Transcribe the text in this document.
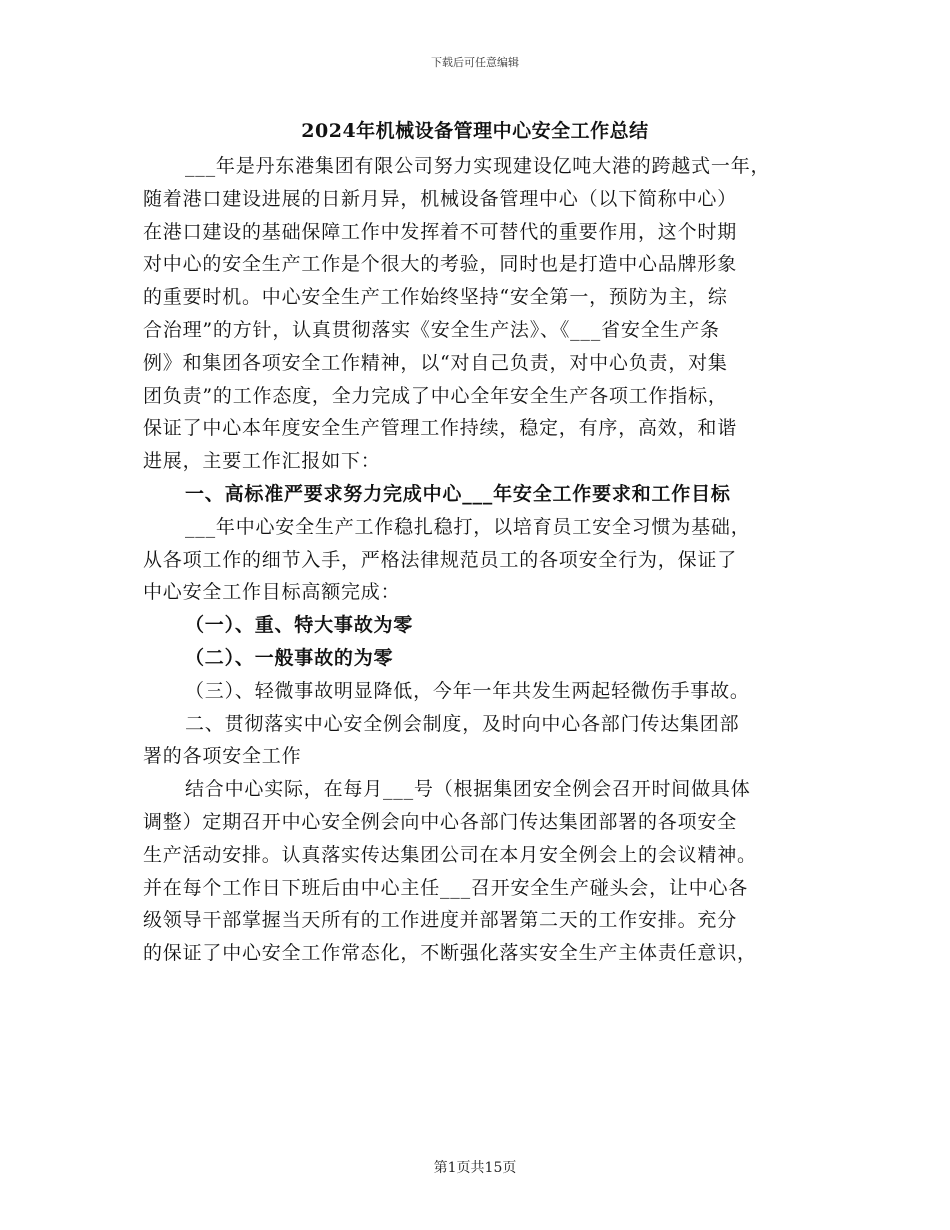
下载后可任意编辑
2024年机械设备管理中心安全工作总结
___年是丹东港集团有限公司努力实现建设亿吨大港的跨越式一年，
随着港口建设进展的日新月异，机械设备管理中心（以下简称中心）
在港口建设的基础保障工作中发挥着不可替代的重要作用，这个时期
对中心的安全生产工作是个很大的考验，同时也是打造中心品牌形象
的重要时机。中心安全生产工作始终坚持“安全第一，预防为主，综
合治理”的方针，认真贯彻落实《安全生产法》、《___省安全生产条
例》和集团各项安全工作精神，以“对自己负责，对中心负责，对集
团负责”的工作态度，全力完成了中心全年安全生产各项工作指标，
保证了中心本年度安全生产管理工作持续，稳定，有序，高效，和谐
进展，主要工作汇报如下：
一、高标准严要求努力完成中心___年安全工作要求和工作目标
___年中心安全生产工作稳扎稳打，以培育员工安全习惯为基础，
从各项工作的细节入手，严格法律规范员工的各项安全行为，保证了
中心安全工作目标高额完成：
（一）、重、特大事故为零
（二）、一般事故的为零
（三）、轻微事故明显降低，今年一年共发生两起轻微伤手事故。
二、贯彻落实中心安全例会制度，及时向中心各部门传达集团部
署的各项安全工作
结合中心实际，在每月___号（根据集团安全例会召开时间做具体
调整）定期召开中心安全例会向中心各部门传达集团部署的各项安全
生产活动安排。认真落实传达集团公司在本月安全例会上的会议精神。
并在每个工作日下班后由中心主任___召开安全生产碰头会，让中心各
级领导干部掌握当天所有的工作进度并部署第二天的工作安排。充分
的保证了中心安全工作常态化，不断强化落实安全生产主体责任意识，
第1页共15页
